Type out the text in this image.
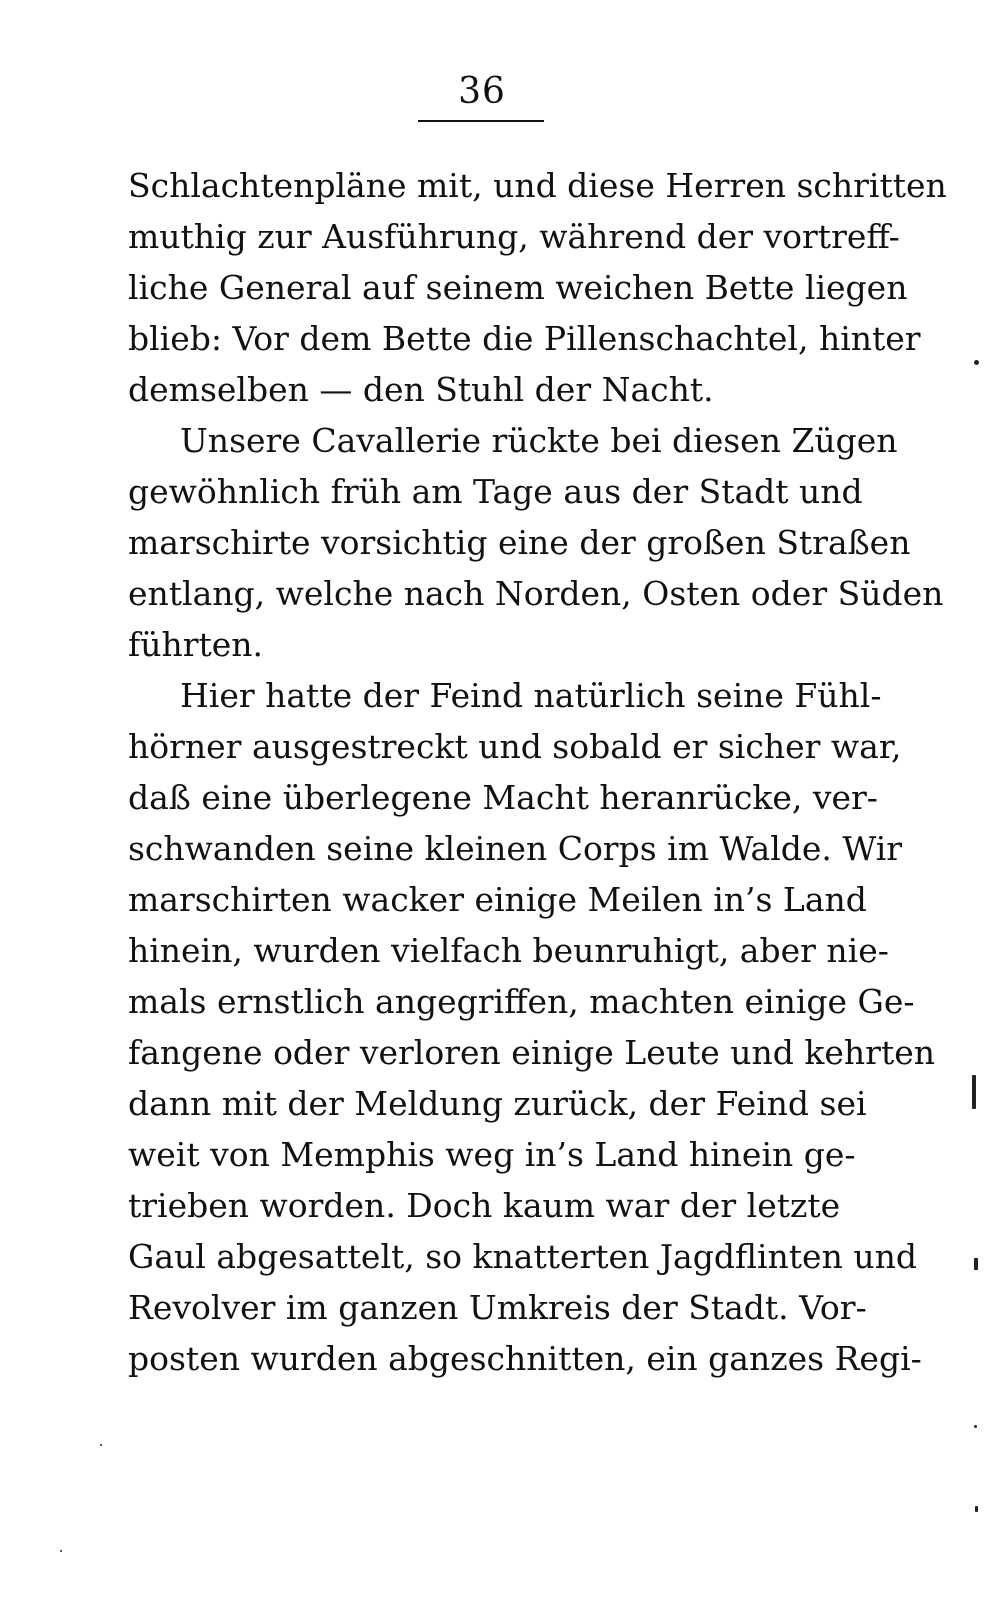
36
Schlachtenpläne mit, und diese Herren schritten
muthig zur Ausführung, während der vortreff-
liche General auf seinem weichen Bette liegen
blieb: Vor dem Bette die Pillenschachtel, hinter
demselben — den Stuhl der Nacht.
Unsere Cavallerie rückte bei diesen Zügen
gewöhnlich früh am Tage aus der Stadt und
marschirte vorsichtig eine der großen Straßen
entlang, welche nach Norden, Osten oder Süden
führten.
Hier hatte der Feind natürlich seine Fühl-
hörner ausgestreckt und sobald er sicher war,
daß eine überlegene Macht heranrücke, ver-
schwanden seine kleinen Corps im Walde. Wir
marschirten wacker einige Meilen in’s Land
hinein, wurden vielfach beunruhigt, aber nie-
mals ernstlich angegriffen, machten einige Ge-
fangene oder verloren einige Leute und kehrten
dann mit der Meldung zurück, der Feind sei
weit von Memphis weg in’s Land hinein ge-
trieben worden. Doch kaum war der letzte
Gaul abgesattelt, so knatterten Jagdflinten und
Revolver im ganzen Umkreis der Stadt. Vor-
posten wurden abgeschnitten, ein ganzes Regi-
